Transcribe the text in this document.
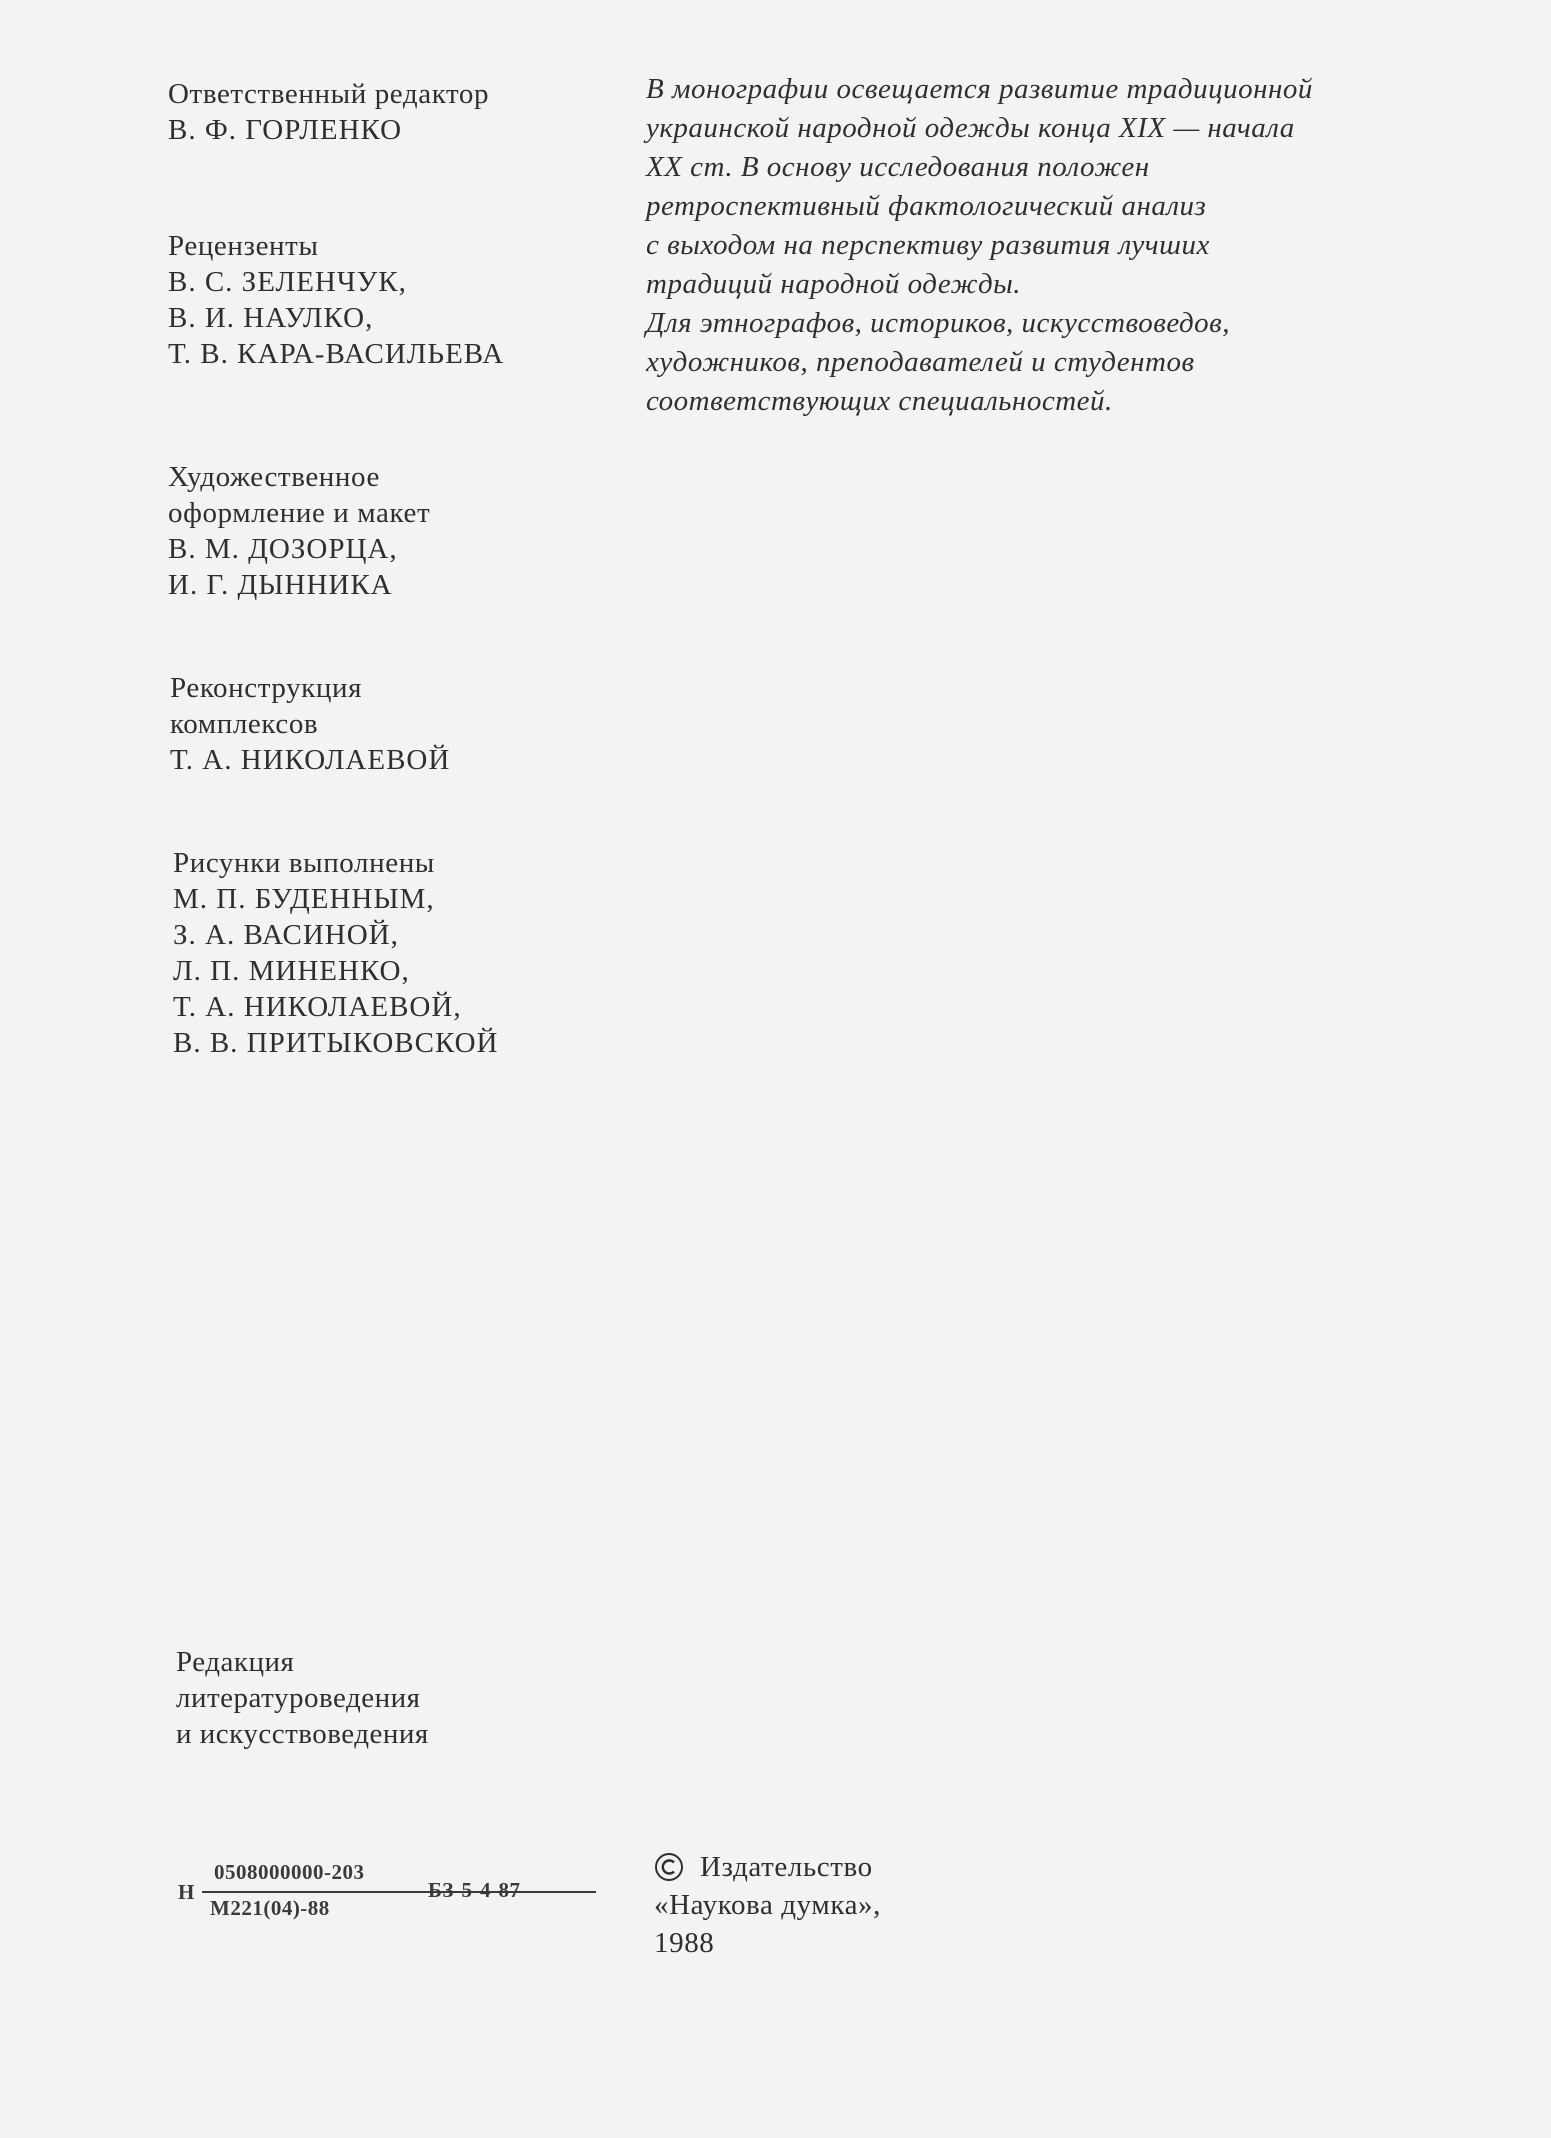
Ответственный редактор
В. Ф. ГОРЛЕНКО
Рецензенты
В. С. ЗЕЛЕНЧУК,
В. И. НАУЛКО,
Т. В. КАРА-ВАСИЛЬЕВА
Художественное
оформление и макет
В. М. ДОЗОРЦА,
И. Г. ДЫННИКА
Реконструкция
комплексов
Т. А. НИКОЛАЕВОЙ
Рисунки выполнены
М. П. БУДЕННЫМ,
З. А. ВАСИНОЙ,
Л. П. МИНЕНКО,
Т. А. НИКОЛАЕВОЙ,
В. В. ПРИТЫКОВСКОЙ
В монографии освещается развитие традиционной
украинской народной одежды конца XIX — начала
XX ст. В основу исследования положен
ретроспективный фактологический анализ
с выходом на перспективу развития лучших
традиций народной одежды.
Для этнографов, историков, искусствоведов,
художников, преподавателей и студентов
соответствующих специальностей.
Редакция
литературоведения
и искусствоведения
Н
0508000000-203
М221(04)-88
БЗ-5-4-87
Издательство
«Наукова думка»,
1988
